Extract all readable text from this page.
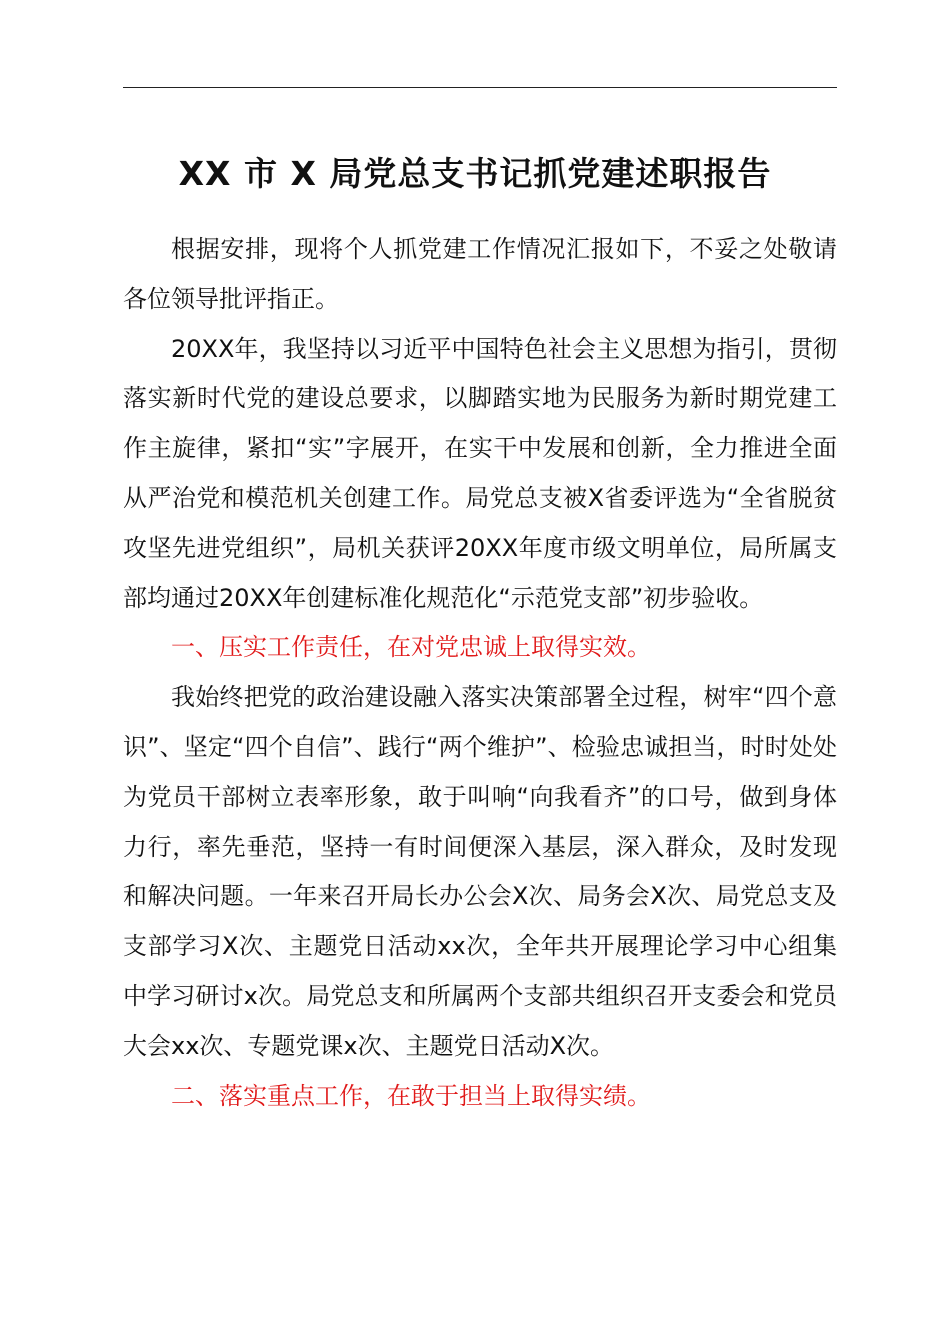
XX 市 X 局党总支书记抓党建述职报告

根据安排，现将个人抓党建工作情况汇报如下，不妥之处敬请各位领导批评指正。

20XX年，我坚持以习近平中国特色社会主义思想为指引，贯彻落实新时代党的建设总要求，以脚踏实地为民服务为新时期党建工作主旋律，紧扣“实”字展开，在实干中发展和创新，全力推进全面从严治党和模范机关创建工作。局党总支被X省委评选为“全省脱贫攻坚先进党组织”，局机关获评20XX年度市级文明单位，局所属支部均通过20XX年创建标准化规范化“示范党支部”初步验收。

一、压实工作责任，在对党忠诚上取得实效。

我始终把党的政治建设融入落实决策部署全过程，树牢“四个意识”、坚定“四个自信”、践行“两个维护”、检验忠诚担当，时时处处为党员干部树立表率形象，敢于叫响“向我看齐”的口号，做到身体力行，率先垂范，坚持一有时间便深入基层，深入群众，及时发现和解决问题。一年来召开局长办公会X次、局务会X次、局党总支及支部学习X次、主题党日活动xx次，全年共开展理论学习中心组集中学习研讨x次。局党总支和所属两个支部共组织召开支委会和党员大会xx次、专题党课x次、主题党日活动X次。

二、落实重点工作，在敢于担当上取得实绩。
